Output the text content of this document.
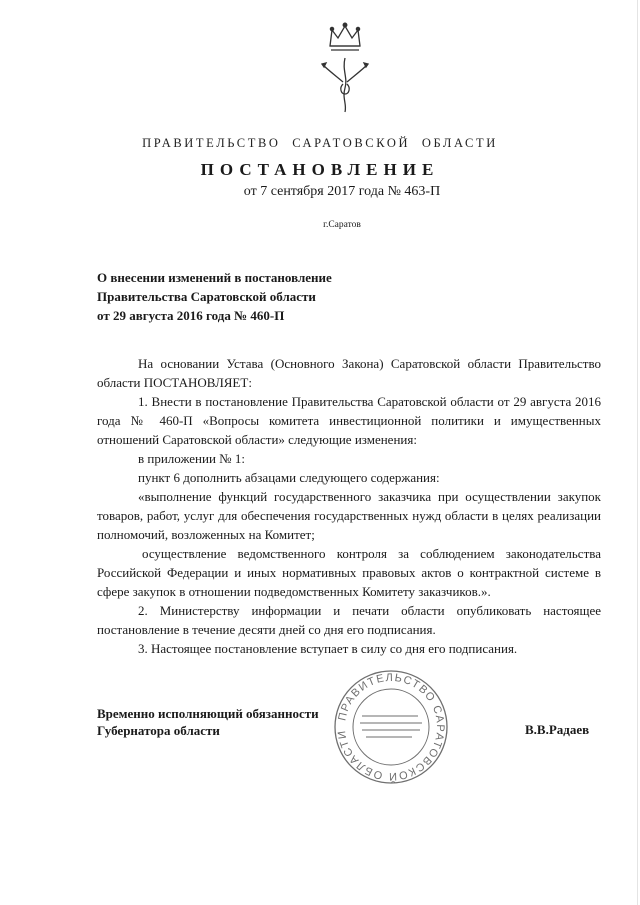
ПРАВИТЕЛЬСТВО САРАТОВСКОЙ ОБЛАСТИ
ПОСТАНОВЛЕНИЕ
от 7 сентября 2017 года № 463-П
г.Саратов
О внесении изменений в постановление
Правительства Саратовской области
от 29 августа 2016 года № 460-П

На основании Устава (Основного Закона) Саратовской области Правительство области ПОСТАНОВЛЯЕТ:

1. Внести в постановление Правительства Саратовской области от 29 августа 2016 года № 460-П «Вопросы комитета инвестиционной политики и имущественных отношений Саратовской области» следующие изменения:

в приложении № 1:

пункт 6 дополнить абзацами следующего содержания:

«выполнение функций государственного заказчика при осуществлении закупок товаров, работ, услуг для обеспечения государственных нужд области в целях реализации полномочий, возложенных на Комитет;

осуществление ведомственного контроля за соблюдением законодательства Российской Федерации и иных нормативных правовых актов о контрактной системе в сфере закупок в отношении подведомственных Комитету заказчиков.».

2. Министерству информации и печати области опубликовать настоящее постановление в течение десяти дней со дня его подписания.

3. Настоящее постановление вступает в силу со дня его подписания.

ПРАВИТЕЛЬСТВО САРАТОВСКОЙ ОБЛАСТИ
Временно исполняющий обязанности
Губернатора области	В.В.Радаев
